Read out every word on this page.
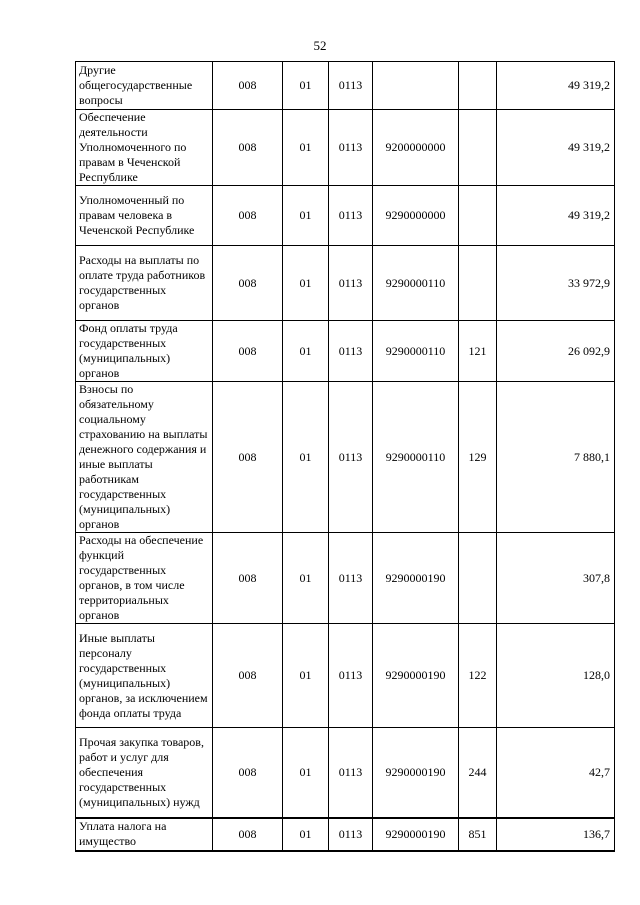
52
Другие общегосударственные вопросы	008	01	0113			49 319,2
Обеспечение деятельности Уполномоченного по правам в Чеченской Республике	008	01	0113	9200000000		49 319,2
Уполномоченный по правам человека в Чеченской Республике	008	01	0113	9290000000		49 319,2
Расходы на выплаты по оплате труда работников государственных органов	008	01	0113	9290000110		33 972,9
Фонд оплаты труда государственных (муниципальных) органов	008	01	0113	9290000110	121	26 092,9
Взносы по обязательному социальному страхованию на выплаты денежного содержания и иные выплаты работникам государственных (муниципальных) органов	008	01	0113	9290000110	129	7 880,1
Расходы на обеспечение функций государственных органов, в том числе территориальных органов	008	01	0113	9290000190		307,8
Иные выплаты персоналу государственных (муниципальных) органов, за исключением фонда оплаты труда	008	01	0113	9290000190	122	128,0
Прочая закупка товаров, работ и услуг для обеспечения государственных (муниципальных) нужд	008	01	0113	9290000190	244	42,7
Уплата налога на имущество	008	01	0113	9290000190	851	136,7
